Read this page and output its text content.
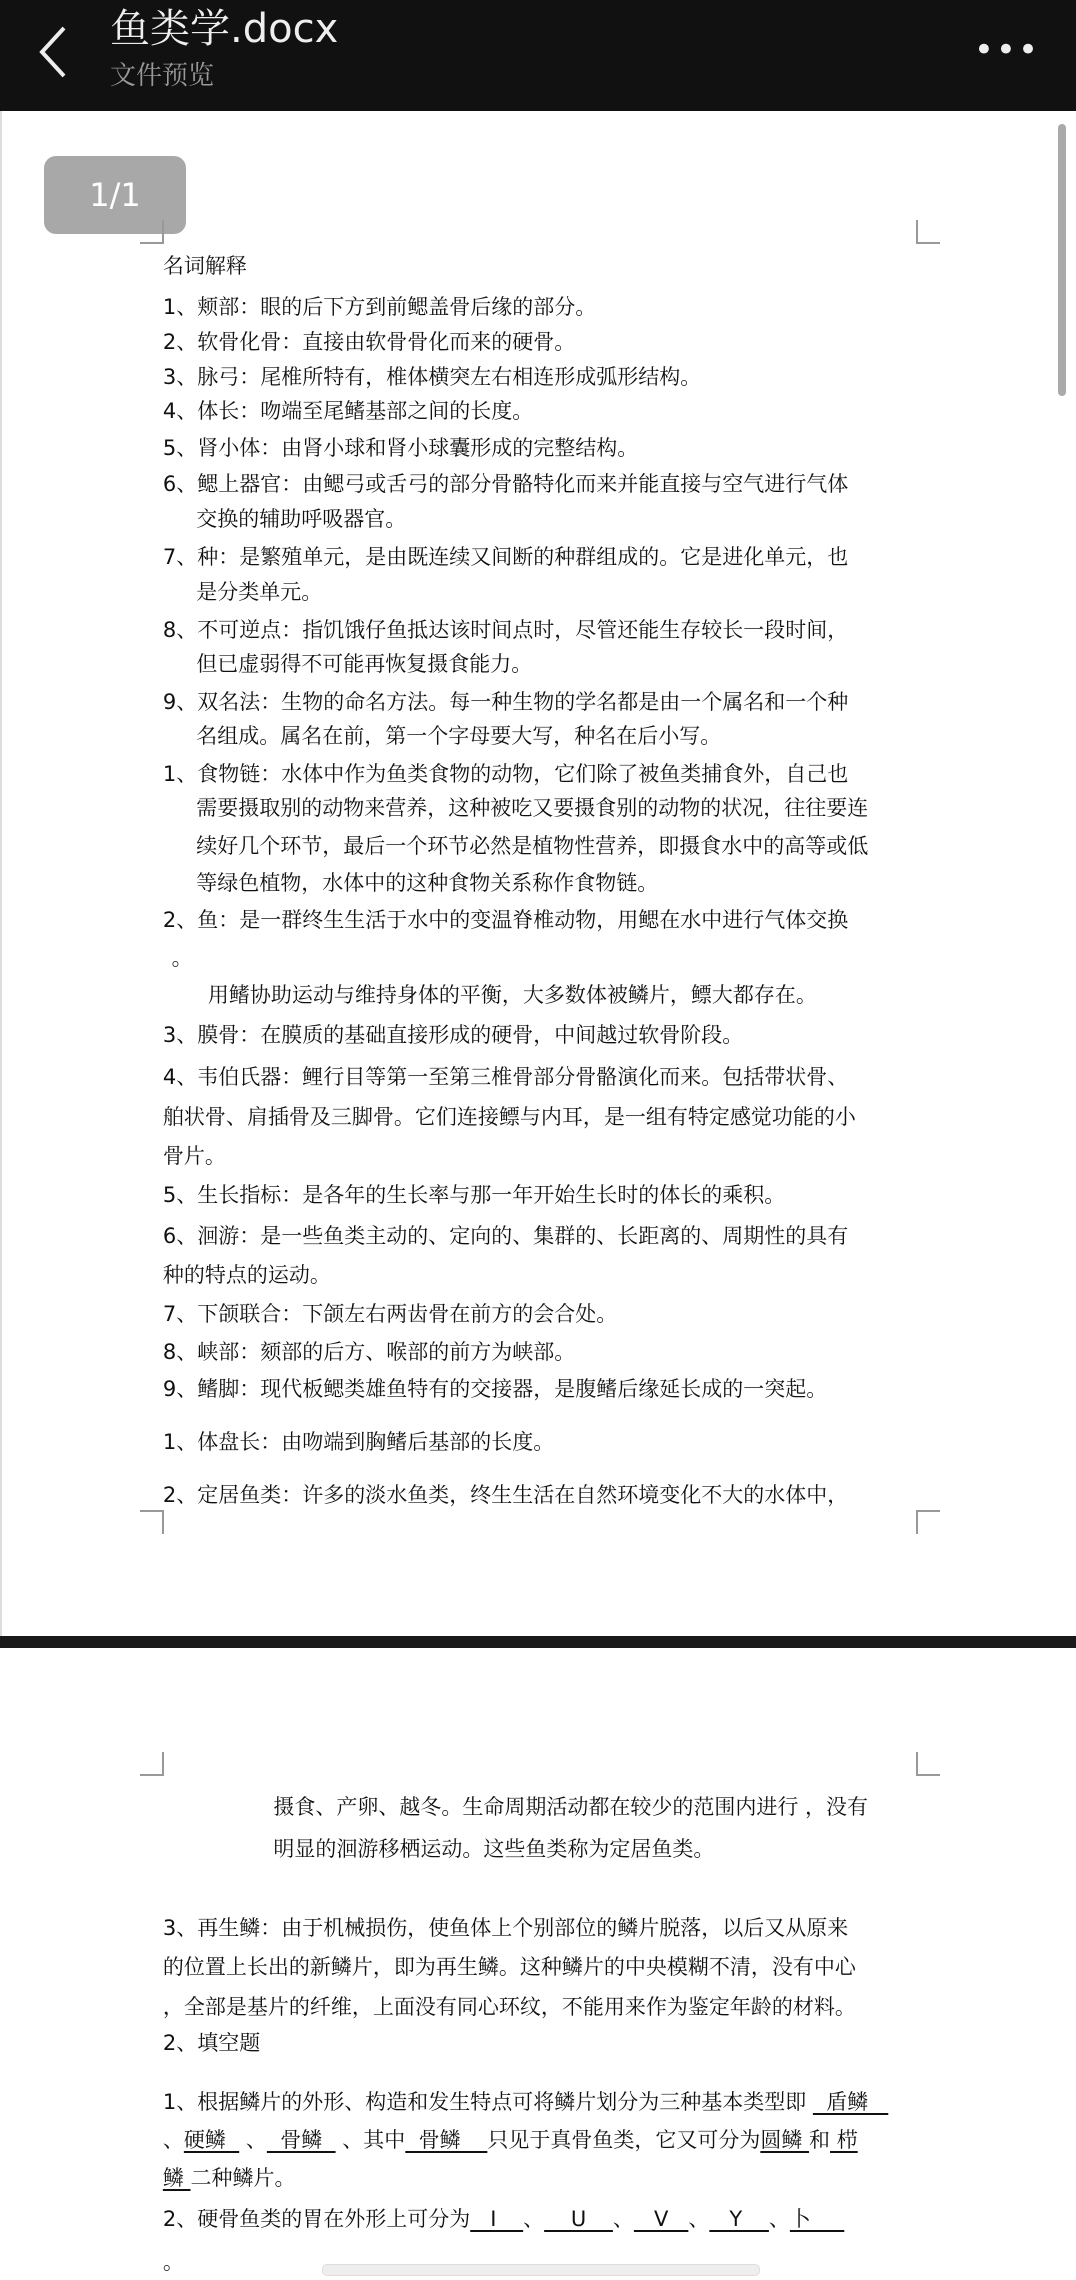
鱼类学.docx
文件预览
•••
1/1
名词解释
1、颊部：眼的后下方到前鳃盖骨后缘的部分。
2、软骨化骨：直接由软骨骨化而来的硬骨。
3、脉弓：尾椎所特有，椎体横突左右相连形成弧形结构。
4、体长：吻端至尾鳍基部之间的长度。
5、肾小体：由肾小球和肾小球囊形成的完整结构。
6、鳃上器官：由鳃弓或舌弓的部分骨骼特化而来并能直接与空气进行气体
交换的辅助呼吸器官。
7、种：是繁殖单元，是由既连续又间断的种群组成的。它是进化单元，也
是分类单元。
8、不可逆点：指饥饿仔鱼抵达该时间点时，尽管还能生存较长一段时间，
但已虚弱得不可能再恢复摄食能力。
9、双名法：生物的命名方法。每一种生物的学名都是由一个属名和一个种
名组成。属名在前，第一个字母要大写，种名在后小写。
1、食物链：水体中作为鱼类食物的动物，它们除了被鱼类捕食外，自己也
需要摄取别的动物来营养，这种被吃又要摄食别的动物的状况，往往要连
续好几个环节，最后一个环节必然是植物性营养，即摄食水中的高等或低
等绿色植物，水体中的这种食物关系称作食物链。
2、鱼：是一群终生生活于水中的变温脊椎动物，用鳃在水中进行气体交换
。
用鳍协助运动与维持身体的平衡，大多数体被鳞片，鳔大都存在。
3、膜骨：在膜质的基础直接形成的硬骨，中间越过软骨阶段。
4、韦伯氏器：鲤行目等第一至第三椎骨部分骨骼演化而来。包括带状骨、
舶状骨、肩插骨及三脚骨。它们连接鳔与内耳，是一组有特定感觉功能的小
骨片。
5、生长指标：是各年的生长率与那一年开始生长时的体长的乘积。
6、洄游：是一些鱼类主动的、定向的、集群的、长距离的、周期性的具有
种的特点的运动。
7、下颌联合：下颌左右两齿骨在前方的会合处。
8、峡部：颏部的后方、喉部的前方为峡部。
9、鳍脚：现代板鳃类雄鱼特有的交接器，是腹鳍后缘延长成的一突起。
1、体盘长：由吻端到胸鳍后基部的长度。
2、定居鱼类：许多的淡水鱼类，终生生活在自然环境变化不大的水体中，
摄食、产卵、越冬。生命周期活动都在较少的范围内进行 ，没有
明显的洄游移栖运动。这些鱼类称为定居鱼类。
3、再生鳞：由于机械损伤，使鱼体上个别部位的鳞片脱落，以后又从原来
的位置上长出的新鳞片，即为再生鳞。这种鳞片的中央模糊不清，没有中心
，全部是基片的纤维，上面没有同心环纹，不能用来作为鉴定年龄的材料。
2、填空题
1、根据鳞片的外形、构造和发生特点可将鳞片划分为三种基本类型即   盾鳞
、硬鳞   、  骨鳞   、其中  骨鳞    只见于真骨鱼类，它又可分为圆鳞 和 栉
鳞 二种鳞片。
2、硬骨鱼类的胃在外形上可分为   I    、    U    、   V   、   Y    、卜
。
